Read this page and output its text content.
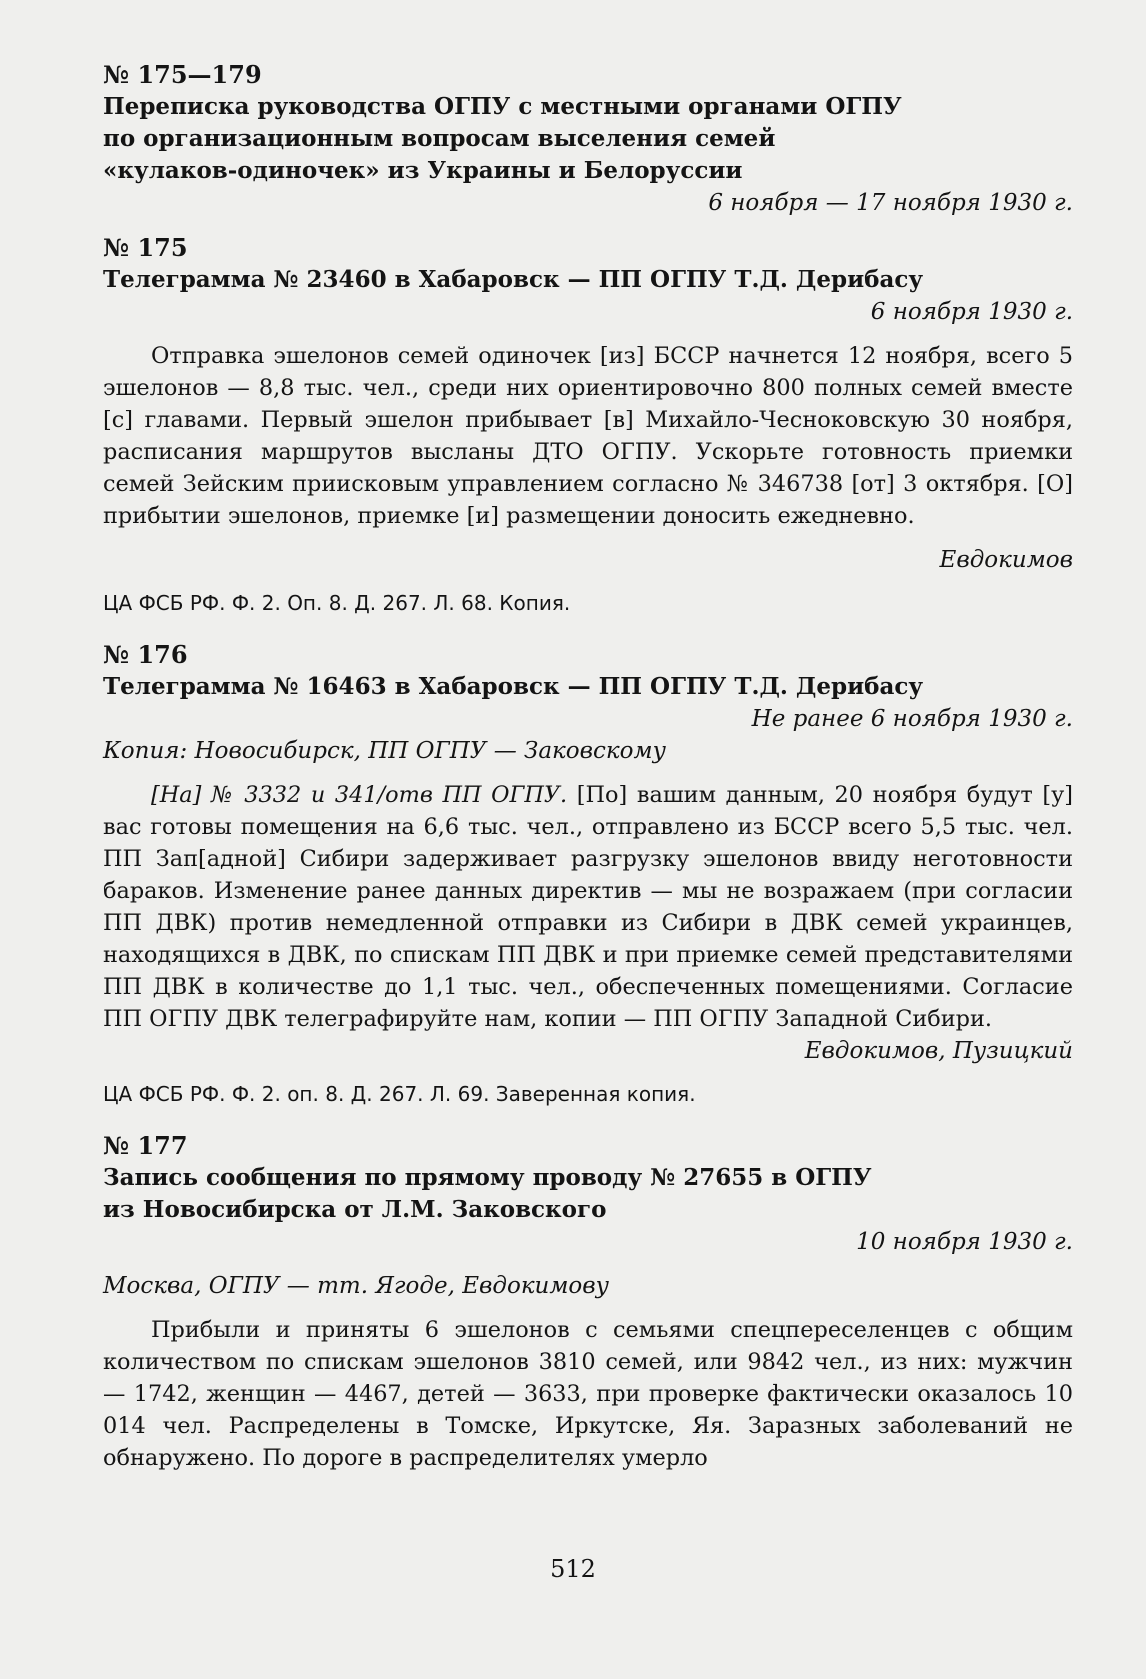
№ 175—179

Переписка руководства ОГПУ с местными органами ОГПУ

по организационным вопросам выселения семей

«кулаков-одиночек» из Украины и Белоруссии

6 ноября — 17 ноября 1930 г.

№ 175

Телеграмма № 23460 в Хабаровск — ПП ОГПУ Т.Д. Дерибасу

6 ноября 1930 г.

Отправка эшелонов семей одиночек [из] БССР начнется 12 ноября, всего 5 эшелонов — 8,8 тыс. чел., среди них ориентировочно 800 полных семей вместе [с] главами. Первый эшелон прибывает [в] Михайло-Чесноковскую 30 ноября, расписания маршрутов высланы ДТО ОГПУ. Ускорьте готовность приемки семей Зейским приисковым управлением согласно № 346738 [от] 3 октября. [О] прибытии эшелонов, приемке [и] размещении доносить ежедневно.

Евдокимов

ЦА ФСБ РФ. Ф. 2. Оп. 8. Д. 267. Л. 68. Копия.

№ 176

Телеграмма № 16463 в Хабаровск — ПП ОГПУ Т.Д. Дерибасу

Не ранее 6 ноября 1930 г.

Копия: Новосибирск, ПП ОГПУ — Заковскому

[На] № 3332 и 341/отв ПП ОГПУ. [По] вашим данным, 20 ноября будут [у] вас готовы помещения на 6,6 тыс. чел., отправлено из БССР всего 5,5 тыс. чел. ПП Зап[адной] Сибири задерживает разгрузку эшелонов ввиду неготовности бараков. Изменение ранее данных директив — мы не возражаем (при согласии ПП ДВК) против немедленной отправки из Сибири в ДВК семей украинцев, находящихся в ДВК, по спискам ПП ДВК и при приемке семей представителями ПП ДВК в количестве до 1,1 тыс. чел., обеспеченных помещениями. Согласие ПП ОГПУ ДВК телеграфируйте нам, копии — ПП ОГПУ Западной Сибири.

Евдокимов, Пузицкий

ЦА ФСБ РФ. Ф. 2. оп. 8. Д. 267. Л. 69. Заверенная копия.

№ 177

Запись сообщения по прямому проводу № 27655 в ОГПУ

из Новосибирска от Л.М. Заковского

10 ноября 1930 г.

Москва, ОГПУ — тт. Ягоде, Евдокимову

Прибыли и приняты 6 эшелонов с семьями спецпереселенцев с общим количеством по спискам эшелонов 3810 семей, или 9842 чел., из них: мужчин — 1742, женщин — 4467, детей — 3633, при проверке фактически оказалось 10 014 чел. Распределены в Томске, Иркутске, Яя. Заразных заболеваний не обнаружено. По дороге в распределителях умерло

512
